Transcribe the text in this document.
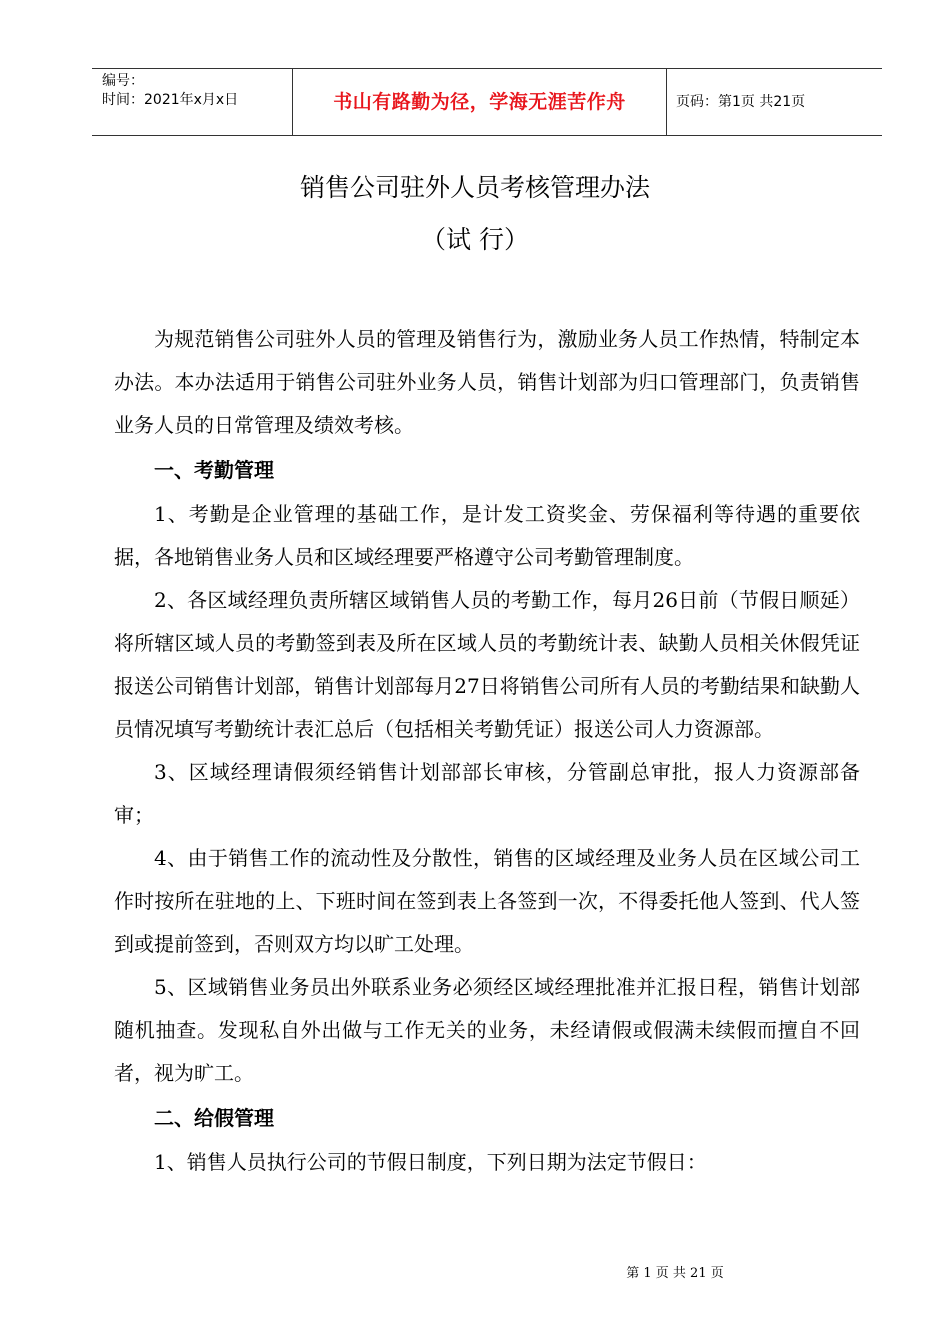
编号：
时间：2021年x月x日	书山有路勤为径，学海无涯苦作舟	页码：第1页 共21页
销售公司驻外人员考核管理办法
（试 行）

为规范销售公司驻外人员的管理及销售行为，激励业务人员工作热情，特制定本办法。本办法适用于销售公司驻外业务人员，销售计划部为归口管理部门，负责销售业务人员的日常管理及绩效考核。

一、考勤管理

1、考勤是企业管理的基础工作，是计发工资奖金、劳保福利等待遇的重要依据，各地销售业务人员和区域经理要严格遵守公司考勤管理制度。

2、各区域经理负责所辖区域销售人员的考勤工作，每月26日前（节假日顺延）将所辖区域人员的考勤签到表及所在区域人员的考勤统计表、缺勤人员相关休假凭证报送公司销售计划部，销售计划部每月27日将销售公司所有人员的考勤结果和缺勤人员情况填写考勤统计表汇总后（包括相关考勤凭证）报送公司人力资源部。

3、区域经理请假须经销售计划部部长审核，分管副总审批，报人力资源部备审；

4、由于销售工作的流动性及分散性，销售的区域经理及业务人员在区域公司工作时按所在驻地的上、下班时间在签到表上各签到一次，不得委托他人签到、代人签到或提前签到，否则双方均以旷工处理。

5、区域销售业务员出外联系业务必须经区域经理批准并汇报日程，销售计划部随机抽查。发现私自外出做与工作无关的业务，未经请假或假满未续假而擅自不回者，视为旷工。

二、给假管理

1、销售人员执行公司的节假日制度，下列日期为法定节假日：

第 1 页 共 21 页
